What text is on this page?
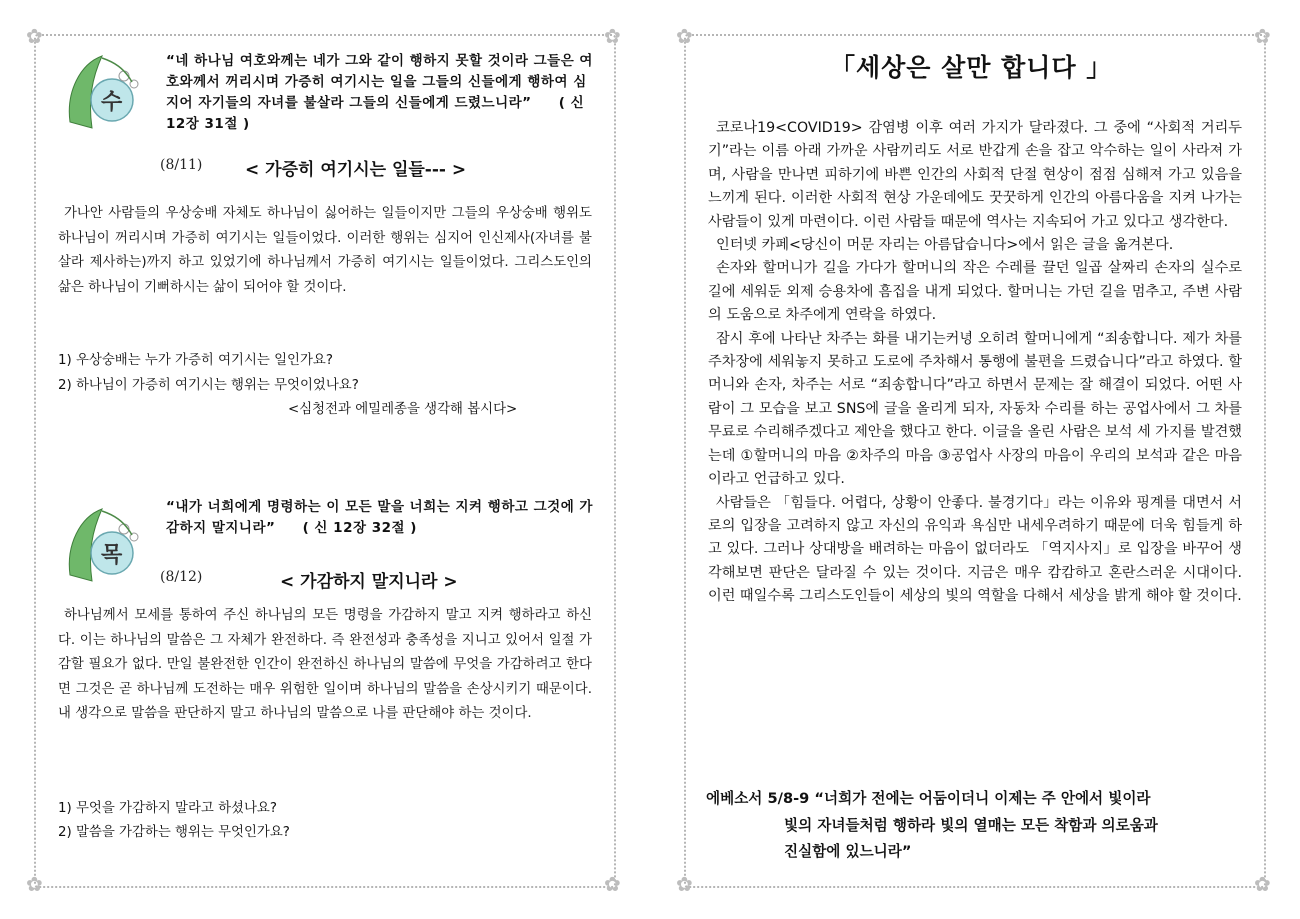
✿	✿
✿	✿
수
“네 하나님 여호와께는 네가 그와 같이 행하지 못할 것이라 그들은 여호와께서 꺼리시며 가증히 여기시는 일을 그들의 신들에게 행하여 심지어 자기들의 자녀를 불살라 그들의 신들에게 드렸느니라” ( 신 12장 31절 )
(8/11)	< 가증히 여기시는 일들--- >
가나안 사람들의 우상숭배 자체도 하나님이 싫어하는 일들이지만 그들의 우상숭배 행위도 하나님이 꺼리시며 가증히 여기시는 일들이었다. 이러한 행위는 심지어 인신제사(자녀를 불살라 제사하는)까지 하고 있었기에 하나님께서 가증히 여기시는 일들이었다. 그리스도인의 삶은 하나님이 기뻐하시는 삶이 되어야 할 것이다.
1) 우상숭배는 누가 가증히 여기시는 일인가요?
2) 하나님이 가증히 여기시는 행위는 무엇이었나요?
<심청전과 에밀레종을 생각해 봅시다>
목
“내가 너희에게 명령하는 이 모든 말을 너희는 지켜 행하고 그것에 가감하지 말지니라” ( 신 12장 32절 )
(8/12)	< 가감하지 말지니라 >
하나님께서 모세를 통하여 주신 하나님의 모든 명령을 가감하지 말고 지켜 행하라고 하신다. 이는 하나님의 말씀은 그 자체가 완전하다. 즉 완전성과 충족성을 지니고 있어서 일절 가감할 필요가 없다. 만일 불완전한 인간이 완전하신 하나님의 말씀에 무엇을 가감하려고 한다면 그것은 곧 하나님께 도전하는 매우 위험한 일이며 하나님의 말씀을 손상시키기 때문이다. 내 생각으로 말씀을 판단하지 말고 하나님의 말씀으로 나를 판단해야 하는 것이다.
1) 무엇을 가감하지 말라고 하셨나요?
2) 말씀을 가감하는 행위는 무엇인가요?
✿	✿
✿	✿
「세상은 살만 합니다 」
코로나19<COVID19> 감염병 이후 여러 가지가 달라졌다. 그 중에 “사회적 거리두기”라는 이름 아래 가까운 사람끼리도 서로 반갑게 손을 잡고 악수하는 일이 사라져 가며, 사람을 만나면 피하기에 바쁜 인간의 사회적 단절 현상이 점점 심해져 가고 있음을 느끼게 된다. 이러한 사회적 현상 가운데에도 꿋꿋하게 인간의 아름다움을 지켜 나가는 사람들이 있게 마련이다. 이런 사람들 때문에 역사는 지속되어 가고 있다고 생각한다.
인터넷 카페<당신이 머문 자리는 아름답습니다>에서 읽은 글을 옮겨본다.
손자와 할머니가 길을 가다가 할머니의 작은 수레를 끌던 일곱 살짜리 손자의 실수로 길에 세워둔 외제 승용차에 흠집을 내게 되었다. 할머니는 가던 길을 멈추고, 주변 사람의 도움으로 차주에게 연락을 하였다.
잠시 후에 나타난 차주는 화를 내기는커녕 오히려 할머니에게 “죄송합니다. 제가 차를 주차장에 세워놓지 못하고 도로에 주차해서 통행에 불편을 드렸습니다”라고 하였다. 할머니와 손자, 차주는 서로 “죄송합니다”라고 하면서 문제는 잘 해결이 되었다. 어떤 사람이 그 모습을 보고 SNS에 글을 올리게 되자, 자동차 수리를 하는 공업사에서 그 차를 무료로 수리해주겠다고 제안을 했다고 한다. 이글을 올린 사람은 보석 세 가지를 발견했는데 ①할머니의 마음 ②차주의 마음 ③공업사 사장의 마음이 우리의 보석과 같은 마음이라고 언급하고 있다.
사람들은 「힘들다. 어렵다, 상황이 안좋다. 불경기다」라는 이유와 핑계를 대면서 서로의 입장을 고려하지 않고 자신의 유익과 욕심만 내세우려하기 때문에 더욱 힘들게 하고 있다. 그러나 상대방을 배려하는 마음이 없더라도 「역지사지」로 입장을 바꾸어 생각해보면 판단은 달라질 수 있는 것이다. 지금은 매우 캄캄하고 혼란스러운 시대이다. 이런 때일수록 그리스도인들이 세상의 빛의 역할을 다해서 세상을 밝게 해야 할 것이다.
에베소서 5/8-9 “너희가 전에는 어둠이더니 이제는 주 안에서 빛이라
빛의 자녀들처럼 행하라 빛의 열매는 모든 착함과 의로움과
진실함에 있느니라”
